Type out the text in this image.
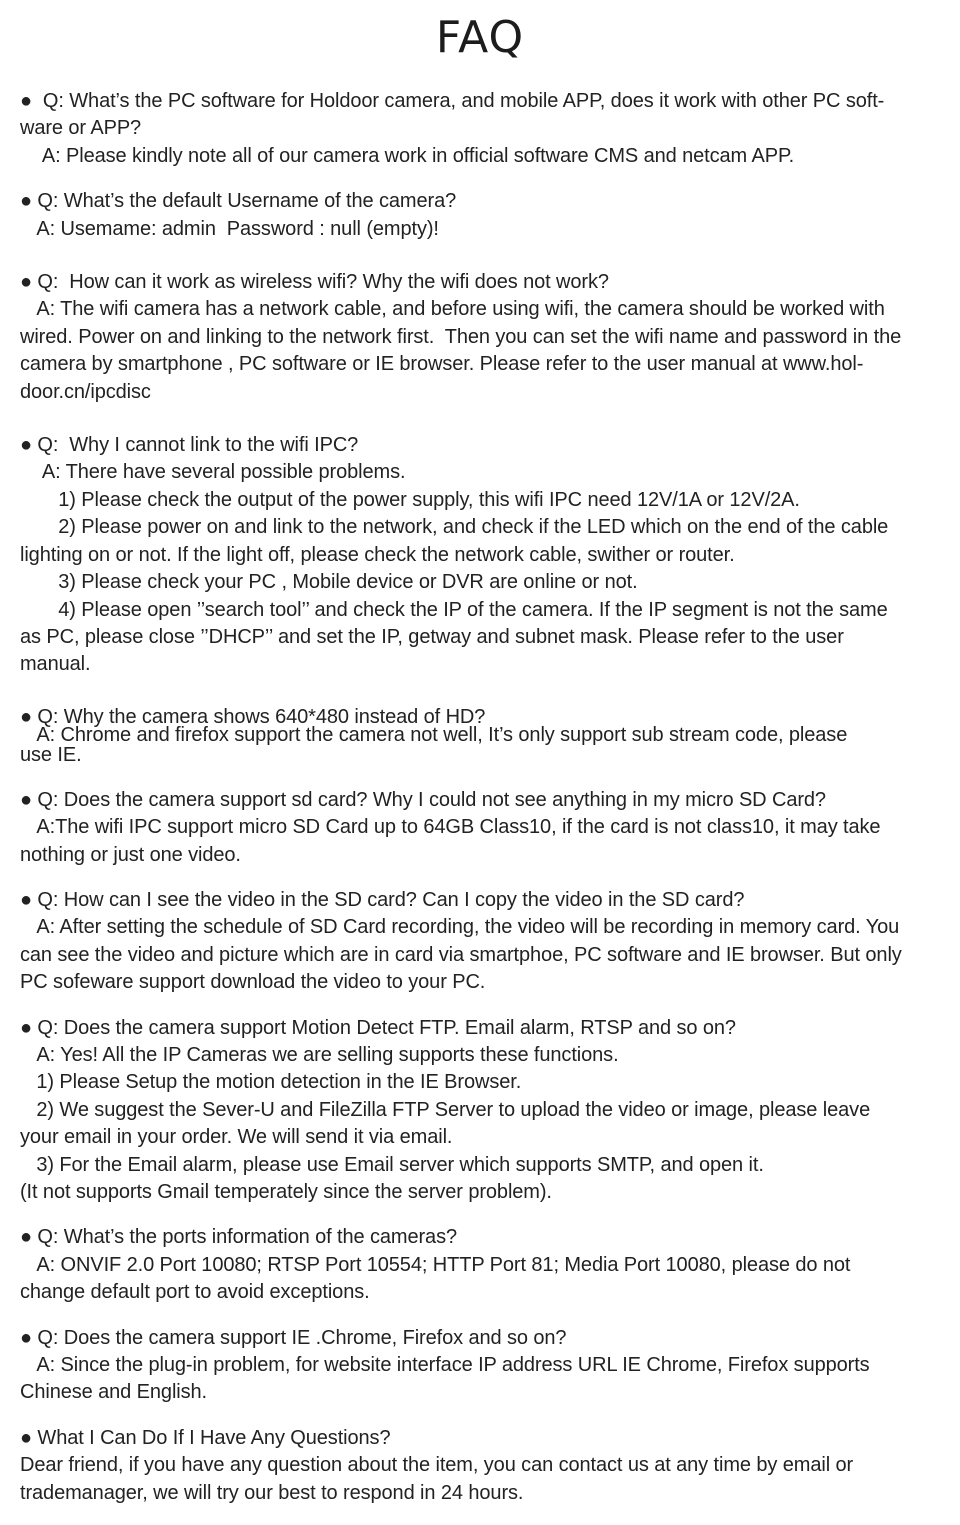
FAQ
●  Q: What’s the PC software for Holdoor camera, and mobile APP, does it work with other PC soft-
ware or APP?
A: Please kindly note all of our camera work in official software CMS and netcam APP.
● Q: What’s the default Username of the camera?
A: Usemame: admin  Password : null (empty)!
● Q:  How can it work as wireless wifi? Why the wifi does not work?
A: The wifi camera has a network cable, and before using wifi, the camera should be worked with
wired. Power on and linking to the network first.  Then you can set the wifi name and password in the
camera by smartphone , PC software or IE browser. Please refer to the user manual at www.hol-
door.cn/ipcdisc
● Q:  Why I cannot link to the wifi IPC?
A: There have several possible problems.
1) Please check the output of the power supply, this wifi IPC need 12V/1A or 12V/2A.
2) Please power on and link to the network, and check if the LED which on the end of the cable
lighting on or not. If the light off, please check the network cable, swither or router.
3) Please check your PC , Mobile device or DVR are online or not.
4) Please open ’’search tool’’ and check the IP of the camera. If the IP segment is not the same
as PC, please close ’’DHCP’’ and set the IP, getway and subnet mask. Please refer to the user
manual.
● Q: Why the camera shows 640*480 instead of HD?
A: Chrome and firefox support the camera not well, It’s only support sub stream code, please
use IE.
● Q: Does the camera support sd card? Why I could not see anything in my micro SD Card?
A:The wifi IPC support micro SD Card up to 64GB Class10, if the card is not class10, it may take
nothing or just one video.
● Q: How can I see the video in the SD card? Can I copy the video in the SD card?
A: After setting the schedule of SD Card recording, the video will be recording in memory card. You
can see the video and picture which are in card via smartphoe, PC software and IE browser. But only
PC sofeware support download the video to your PC.
● Q: Does the camera support Motion Detect FTP. Email alarm, RTSP and so on?
A: Yes! All the IP Cameras we are selling supports these functions.
1) Please Setup the motion detection in the IE Browser.
2) We suggest the Sever-U and FileZilla FTP Server to upload the video or image, please leave
your email in your order. We will send it via email.
3) For the Email alarm, please use Email server which supports SMTP, and open it.
(It not supports Gmail temperately since the server problem).
● Q: What’s the ports information of the cameras?
A: ONVIF 2.0 Port 10080; RTSP Port 10554; HTTP Port 81; Media Port 10080, please do not
change default port to avoid exceptions.
● Q: Does the camera support IE .Chrome, Firefox and so on?
A: Since the plug-in problem, for website interface IP address URL IE Chrome, Firefox supports
Chinese and English.
● What I Can Do If I Have Any Questions?
Dear friend, if you have any question about the item, you can contact us at any time by email or
trademanager, we will try our best to respond in 24 hours.
